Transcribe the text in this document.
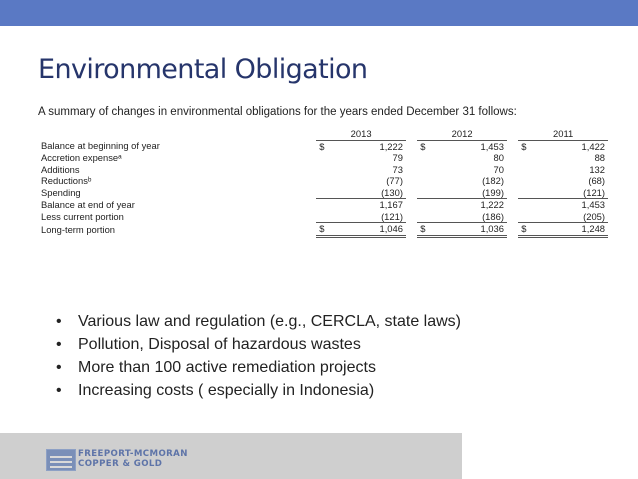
Environmental Obligation
A summary of changes in environmental obligations for the years ended December 31 follows:
	2013			2012			2011	
Balance at beginning of year	$	1,222		$	1,453		$	1,422
Accretion expenseᵃ		79			80			88
Additions		73			70			132
Reductionsᵇ		(77)			(182)			(68)
Spending		(130)			(199)			(121)
Balance at end of year		1,167			1,222			1,453
Less current portion		(121)			(186)			(205)
Long-term portion	$	1,046		$	1,036		$	1,248
• Various law and regulation (e.g., CERCLA, state laws)
• Pollution, Disposal of hazardous wastes
• More than 100 active remediation projects
• Increasing costs ( especially in Indonesia)
FREEPORT-MCMORAN
COPPER & GOLD
